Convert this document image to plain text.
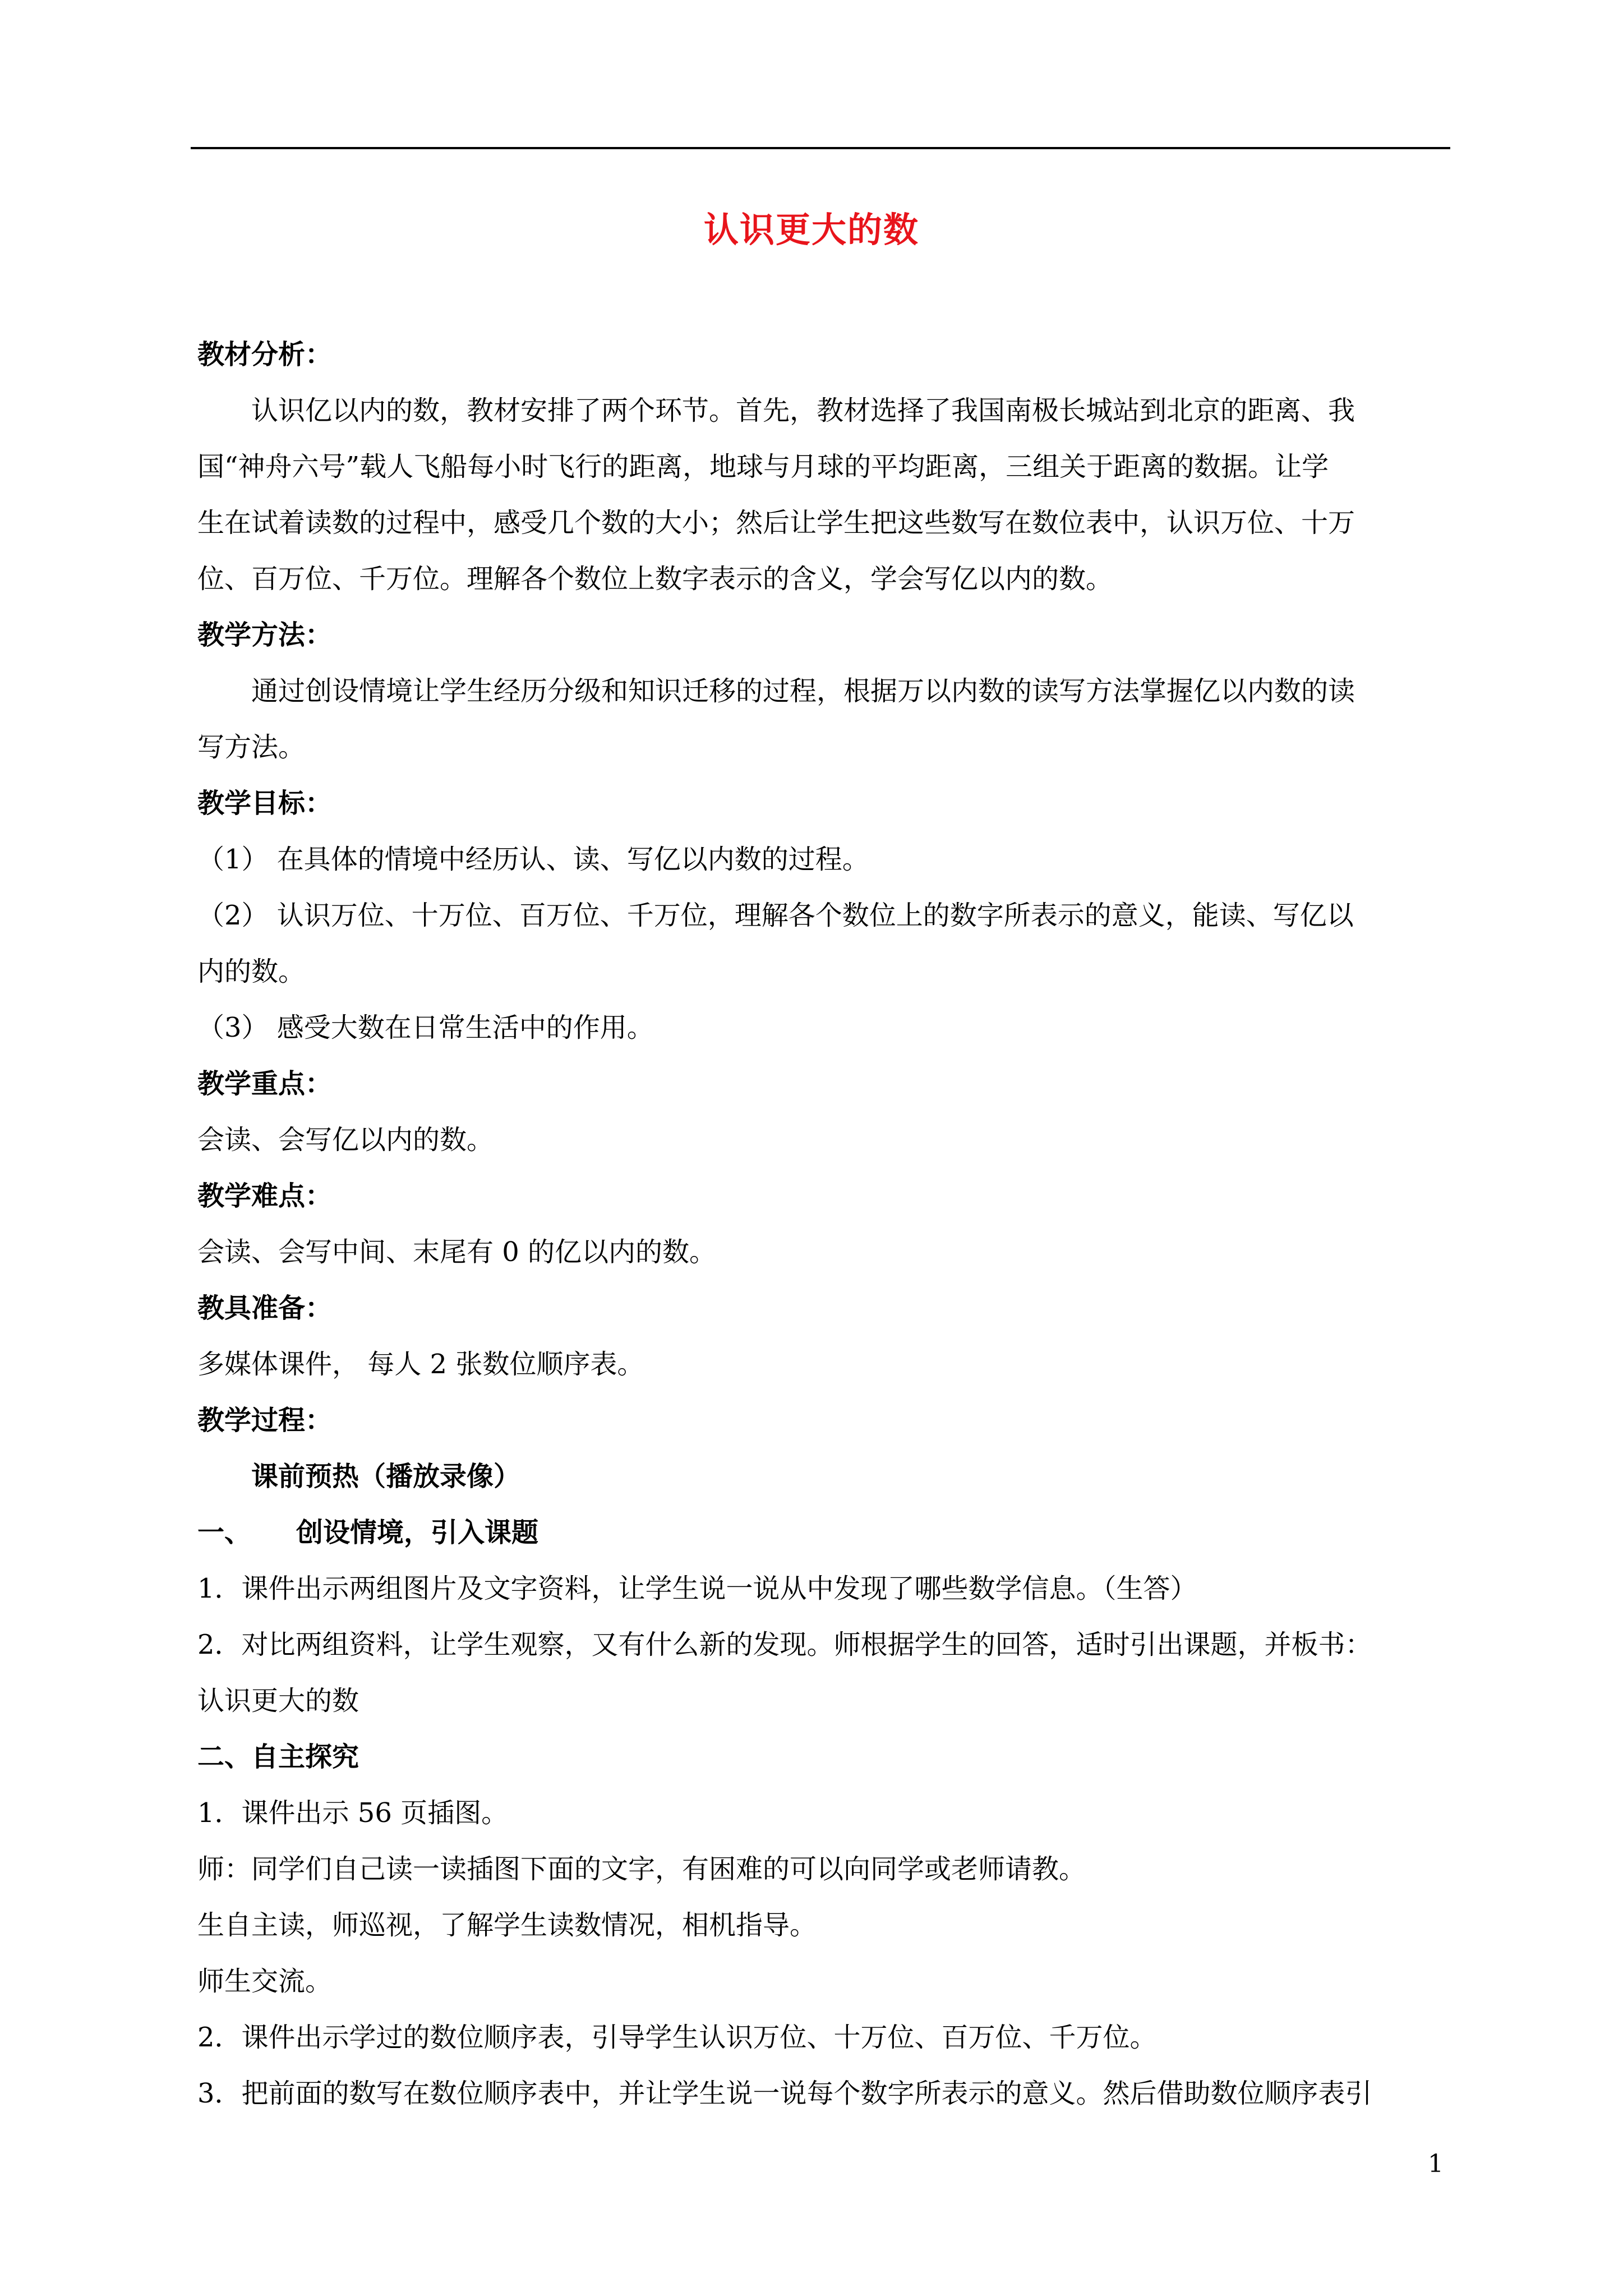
认识更大的数
教材分析：
认识亿以内的数，教材安排了两个环节。首先，教材选择了我国南极长城站到北京的距离、我
国“神舟六号”载人飞船每小时飞行的距离，地球与月球的平均距离，三组关于距离的数据。让学
生在试着读数的过程中，感受几个数的大小；然后让学生把这些数写在数位表中，认识万位、十万
位、百万位、千万位。理解各个数位上数字表示的含义，学会写亿以内的数。
教学方法：
通过创设情境让学生经历分级和知识迁移的过程，根据万以内数的读写方法掌握亿以内数的读
写方法。
教学目标：
（1） 在具体的情境中经历认、读、写亿以内数的过程。
（2） 认识万位、十万位、百万位、千万位，理解各个数位上的数字所表示的意义，能读、写亿以
内的数。
（3） 感受大数在日常生活中的作用。
教学重点：
会读、会写亿以内的数。
教学难点：
会读、会写中间、末尾有 0 的亿以内的数。
教具准备：
多媒体课件， 每人 2 张数位顺序表。
教学过程：
课前预热（播放录像）
一、 创设情境，引入课题
1．课件出示两组图片及文字资料，让学生说一说从中发现了哪些数学信息。（生答）
2．对比两组资料，让学生观察，又有什么新的发现。师根据学生的回答，适时引出课题，并板书：
认识更大的数
二、自主探究
1．课件出示 56 页插图。
师：同学们自己读一读插图下面的文字，有困难的可以向同学或老师请教。
生自主读，师巡视，了解学生读数情况，相机指导。
师生交流。
2．课件出示学过的数位顺序表，引导学生认识万位、十万位、百万位、千万位。
3．把前面的数写在数位顺序表中，并让学生说一说每个数字所表示的意义。然后借助数位顺序表引
1
